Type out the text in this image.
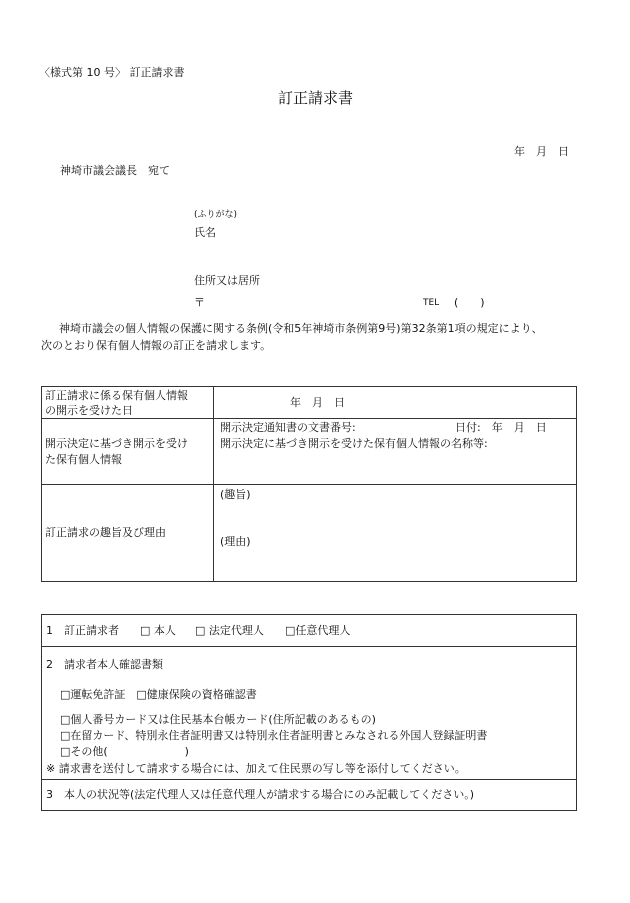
〈様式第 10 号〉 訂正請求書
訂正請求書
年　月　日
神埼市議会議長　宛て
(ふりがな)
氏名
住所又は居所
〒	TEL (　　)
神埼市議会の個人情報の保護に関する条例(令和5年神埼市条例第9号)第32条第1項の規定により、
次のとおり保有個人情報の訂正を請求します。
訂正請求に係る保有個人情報
の開示を受けた日
年　月　日
開示決定に基づき開示を受け
た保有個人情報
開示決定通知書の文書番号:	日付:　年　月　日
開示決定に基づき開示を受けた保有個人情報の名称等:
訂正請求の趣旨及び理由
(趣旨)
(理由)
1　訂正請求者 □ 本人 □ 法定代理人 □任意代理人
2　請求者本人確認書類
□運転免許証　□健康保険の資格確認書
□個人番号カード又は住民基本台帳カード(住所記載のあるもの)
□在留カード、特別永住者証明書又は特別永住者証明書とみなされる外国人登録証明書
□その他(　　　　　　　)
※ 請求書を送付して請求する場合には、加えて住民票の写し等を添付してください。
3　本人の状況等(法定代理人又は任意代理人が請求する場合にのみ記載してください。)
